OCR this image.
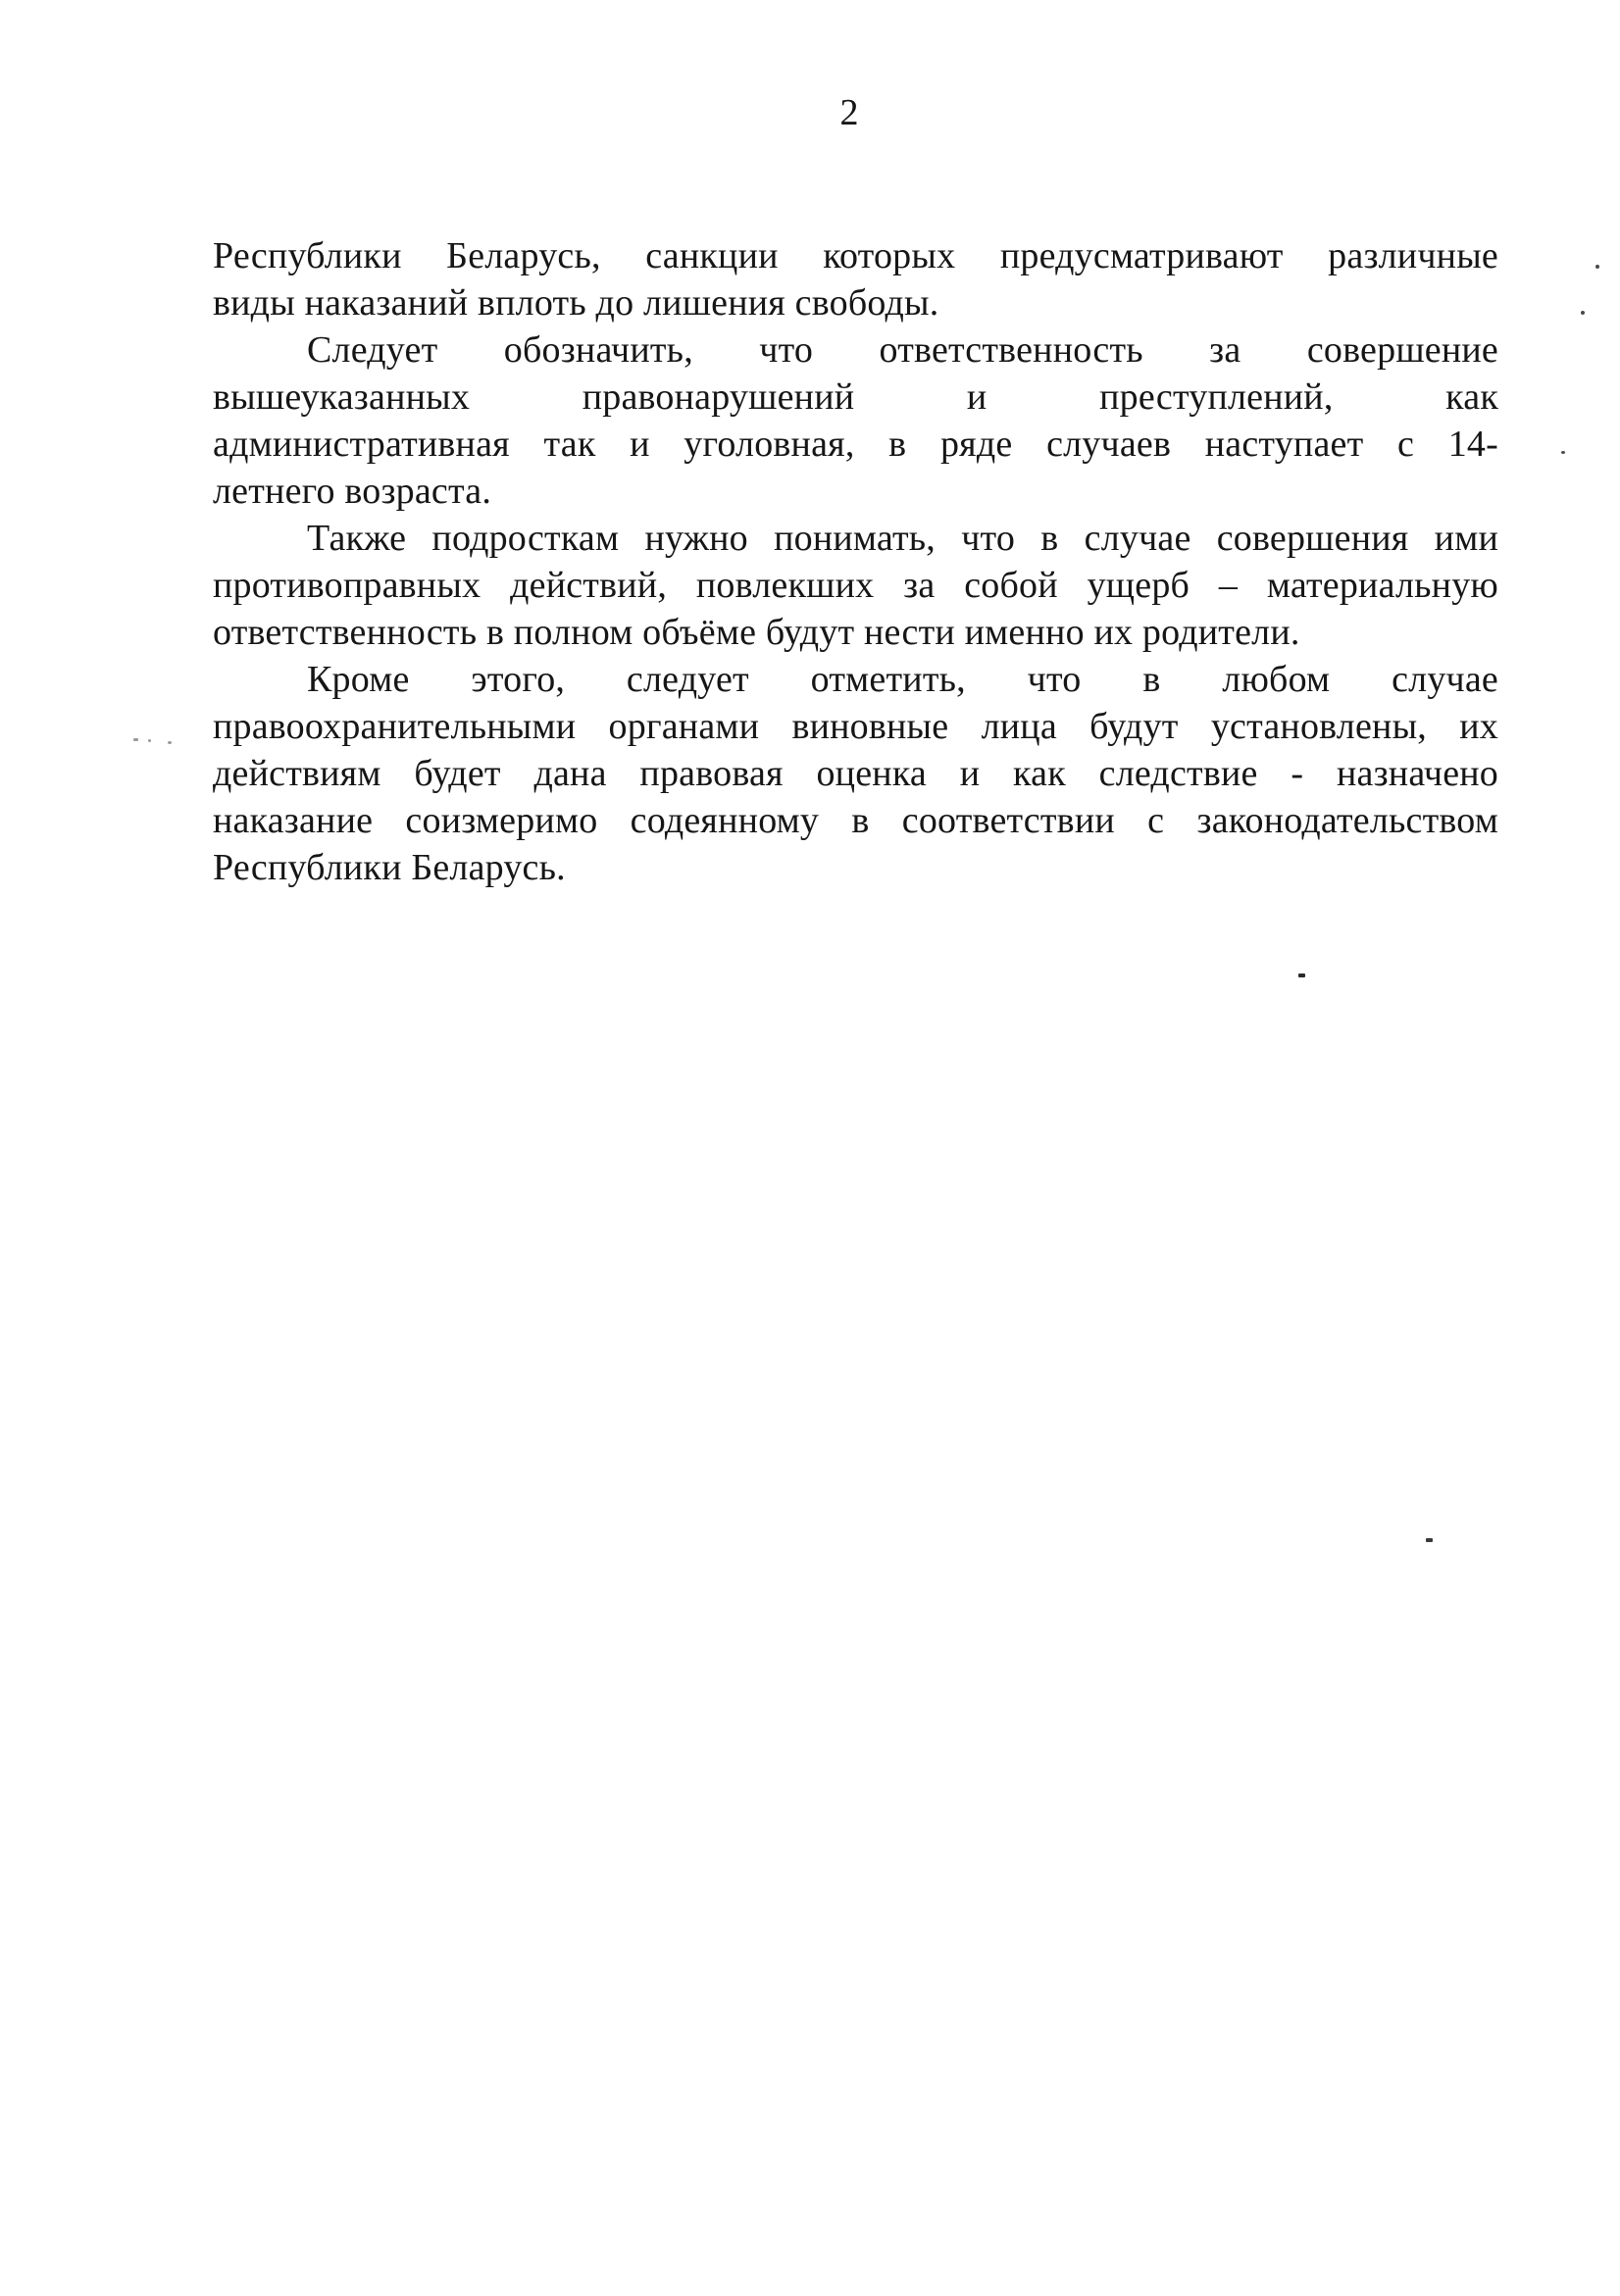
2
Республики Беларусь, санкции которых предусматривают различные
виды наказаний вплоть до лишения свободы.
Следует обозначить, что ответственность за совершение
вышеуказанных правонарушений и преступлений, как
административная так и уголовная, в ряде случаев наступает с 14-
летнего возраста.
Также подросткам нужно понимать, что в случае совершения ими
противоправных действий, повлекших за собой ущерб – материальную
ответственность в полном объёме будут нести именно их родители.
Кроме этого, следует отметить, что в любом случае
правоохранительными органами виновные лица будут установлены, их
действиям будет дана правовая оценка и как следствие - назначено
наказание соизмеримо содеянному в соответствии с законодательством
Республики Беларусь.
